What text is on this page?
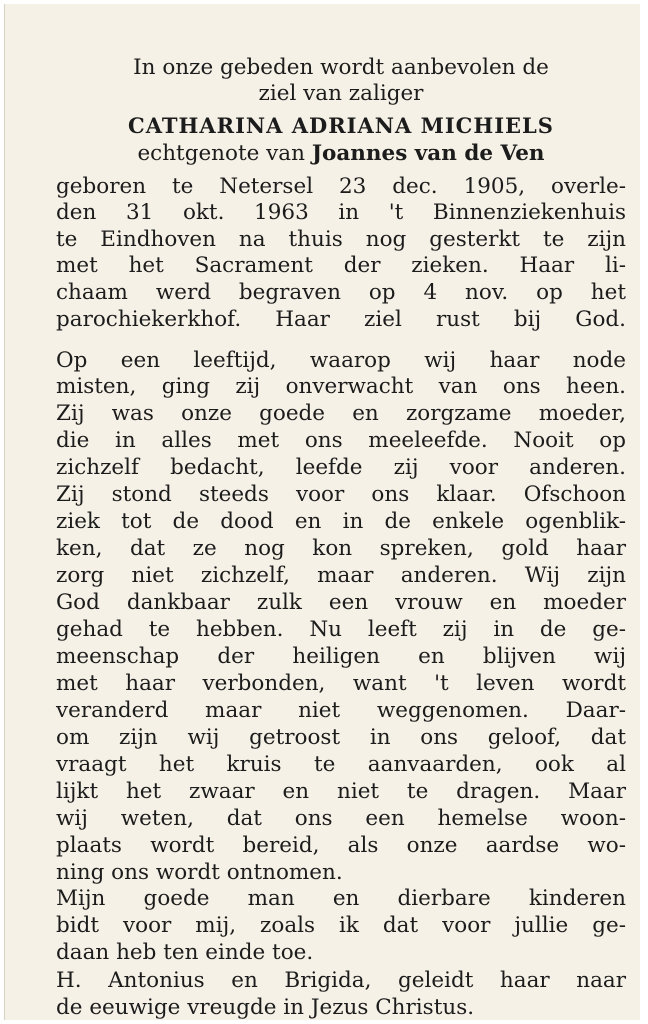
In onze gebeden wordt aanbevolen de
ziel van zaliger
CATHARINA ADRIANA MICHIELS
echtgenote van Joannes van de Ven
geboren te Netersel 23 dec. 1905, overle-
den 31 okt. 1963 in 't Binnenziekenhuis
te Eindhoven na thuis nog gesterkt te zijn
met het Sacrament der zieken. Haar li-
chaam werd begraven op 4 nov. op het
parochiekerkhof. Haar ziel rust bij God.
Op een leeftijd, waarop wij haar node
misten, ging zij onverwacht van ons heen.
Zij was onze goede en zorgzame moeder,
die in alles met ons meeleefde. Nooit op
zichzelf bedacht, leefde zij voor anderen.
Zij stond steeds voor ons klaar. Ofschoon
ziek tot de dood en in de enkele ogenblik-
ken, dat ze nog kon spreken, gold haar
zorg niet zichzelf, maar anderen. Wij zijn
God dankbaar zulk een vrouw en moeder
gehad te hebben. Nu leeft zij in de ge-
meenschap der heiligen en blijven wij
met haar verbonden, want 't leven wordt
veranderd maar niet weggenomen. Daar-
om zijn wij getroost in ons geloof, dat
vraagt het kruis te aanvaarden, ook al
lijkt het zwaar en niet te dragen. Maar
wij weten, dat ons een hemelse woon-
plaats wordt bereid, als onze aardse wo-
ning ons wordt ontnomen.
Mijn goede man en dierbare kinderen
bidt voor mij, zoals ik dat voor jullie ge-
daan heb ten einde toe.
H. Antonius en Brigida, geleidt haar naar
de eeuwige vreugde in Jezus Christus.
